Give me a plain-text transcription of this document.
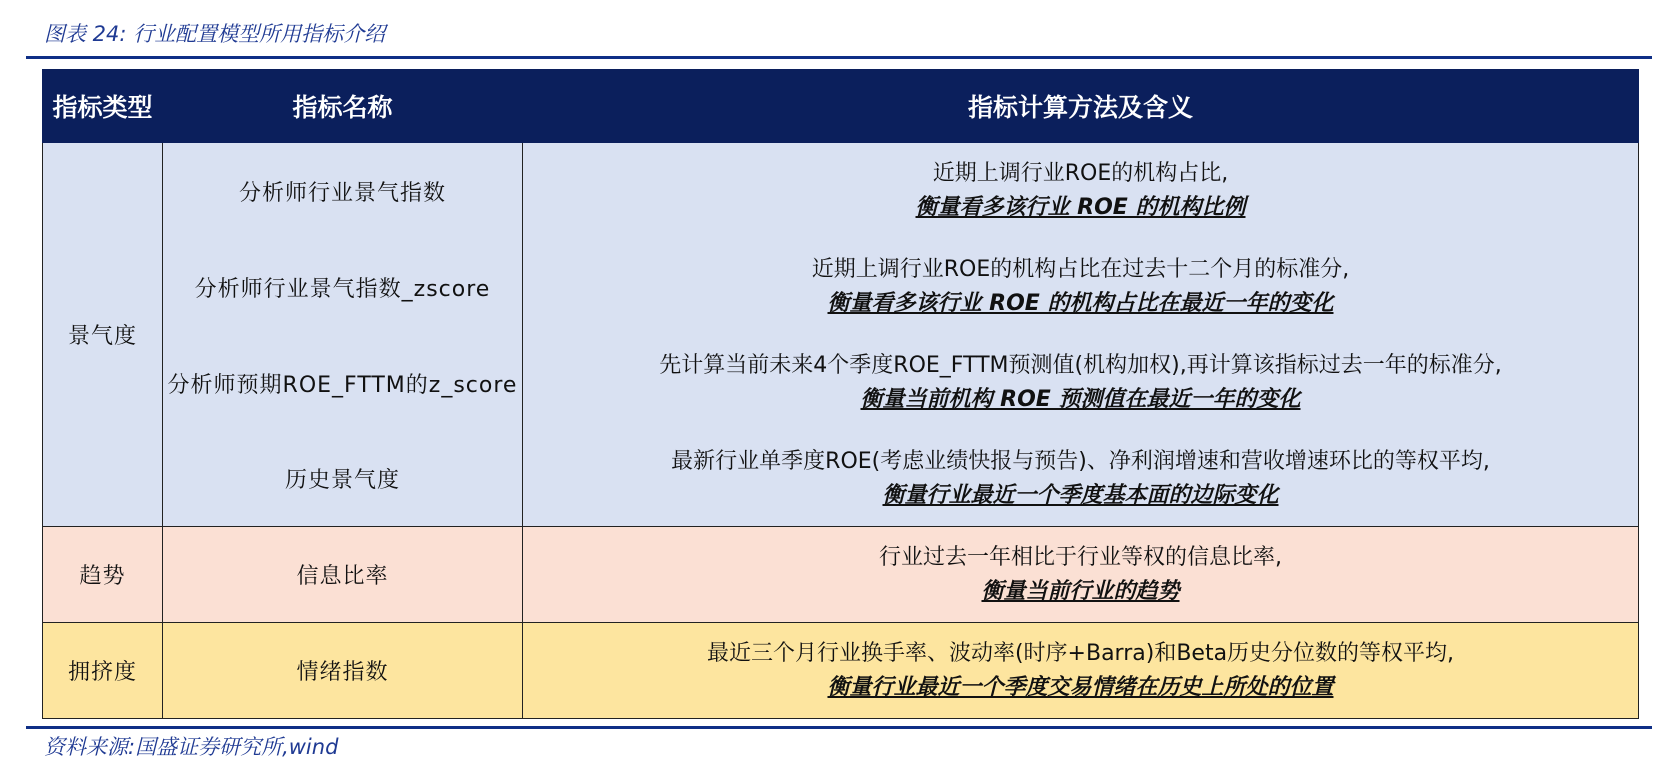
图表 24: 行业配置模型所用指标介绍
指标类型	指标名称	指标计算方法及含义
景气度	分析师行业景气指数	近期上调行业ROE的机构占比,
衡量看多该行业 ROE 的机构比例

	分析师行业景气指数_zscore	近期上调行业ROE的机构占比在过去十二个月的标准分,
衡量看多该行业 ROE 的机构占比在最近一年的变化

	分析师预期ROE_FTTM的z_score	先计算当前未来4个季度ROE_FTTM预测值(机构加权),再计算该指标过去一年的标准分,
衡量当前机构 ROE 预测值在最近一年的变化

	历史景气度	最新行业单季度ROE(考虑业绩快报与预告)、净利润增速和营收增速环比的等权平均,
衡量行业最近一个季度基本面的边际变化

趋势	信息比率	行业过去一年相比于行业等权的信息比率,
衡量当前行业的趋势

拥挤度	情绪指数	最近三个月行业换手率、波动率(时序+Barra)和Beta历史分位数的等权平均,
衡量行业最近一个季度交易情绪在历史上所处的位置
资料来源:国盛证券研究所,wind
